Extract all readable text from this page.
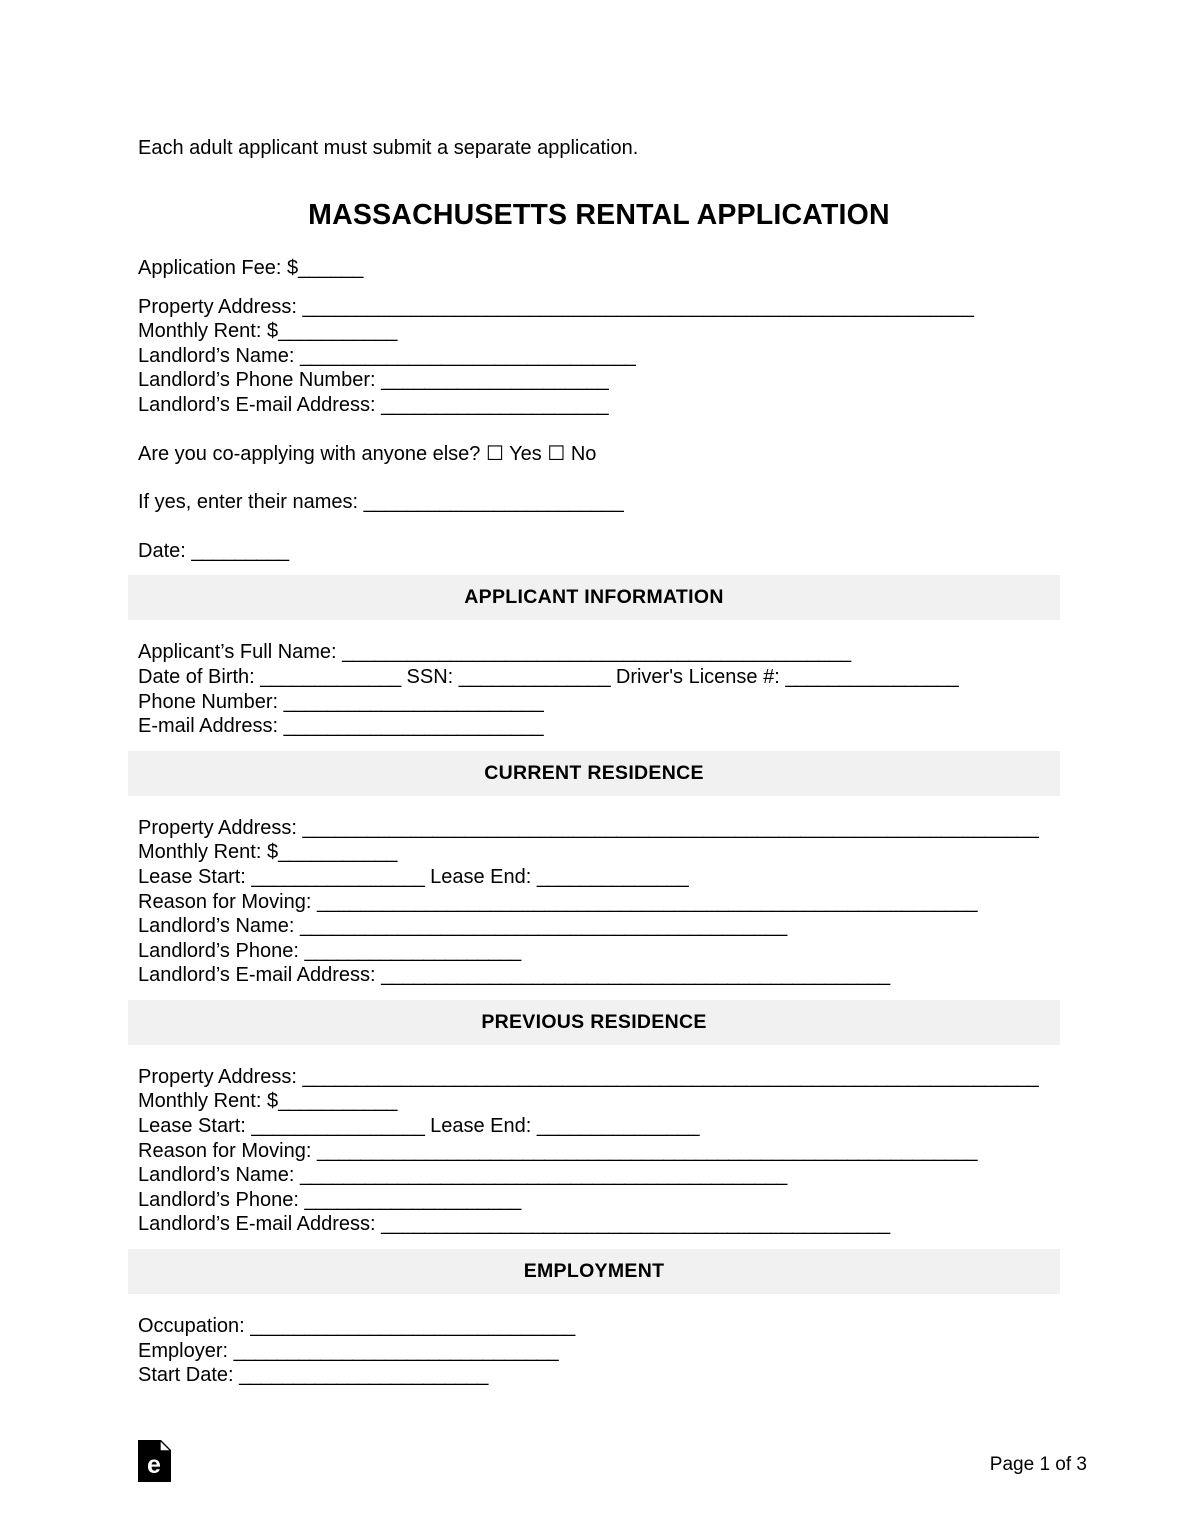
Each adult applicant must submit a separate application.

MASSACHUSETTS RENTAL APPLICATION
Application Fee: $______
Property Address: ______________________________________________________________
Monthly Rent: $___________
Landlord’s Name: _______________________________
Landlord’s Phone Number: _____________________
Landlord’s E-mail Address: _____________________
Are you co-applying with anyone else? ☐ Yes ☐ No
If yes, enter their names: ________________________
Date: _________
APPLICANT INFORMATION
Applicant’s Full Name: _______________________________________________
Date of Birth: _____________ SSN: ______________ Driver's License #: ________________
Phone Number: ________________________
E-mail Address: ________________________
CURRENT RESIDENCE
Property Address: ____________________________________________________________________
Monthly Rent: $___________
Lease Start: ________________ Lease End: ______________
Reason for Moving: _____________________________________________________________
Landlord’s Name: _____________________________________________
Landlord’s Phone: ____________________
Landlord’s E-mail Address: _______________________________________________
PREVIOUS RESIDENCE
Property Address: ____________________________________________________________________
Monthly Rent: $___________
Lease Start: ________________ Lease End: _______________
Reason for Moving: _____________________________________________________________
Landlord’s Name: _____________________________________________
Landlord’s Phone: ____________________
Landlord’s E-mail Address: _______________________________________________
EMPLOYMENT
Occupation: ______________________________
Employer: ______________________________
Start Date: _______________________
e	Page 1 of 3
